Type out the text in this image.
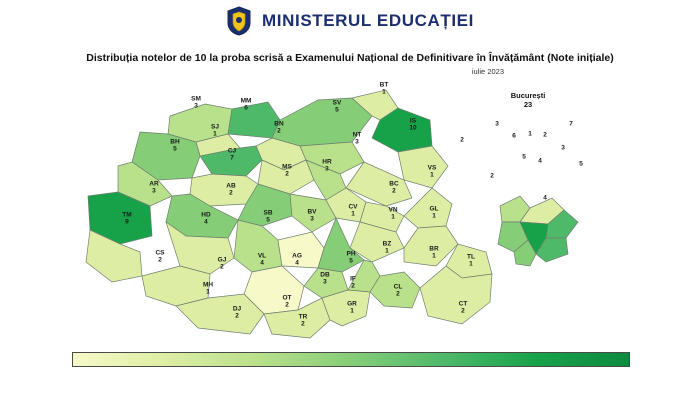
MINISTERUL EDUCAȚIEI
Distribuția notelor de 10 la proba scrisă a Examenului Național de Definitivare în Învățământ (Note inițiale)
iulie 2023
București
23
3	7
6 1 2
5
4
3
5
2
4
2
SM
3
MM
6
SV
5
BT
1
IS
10
SJ
1
BN
2
NT
3
BH
5	CJ
7
MS
2
HR
3	VS
1
AR
3
AB
2
BC
2
SB
5
BV
3
CV
1
VN
1
GL
1
TM
9
HD
4
BZ
1	BR
1
CS
2	GJ
2
VL
4
AG
4
PH
5
TL
1
MH
1
DB
3	IF
2
OT
2
CL
2
DJ
2	TR
2
GR
1
CT
2
